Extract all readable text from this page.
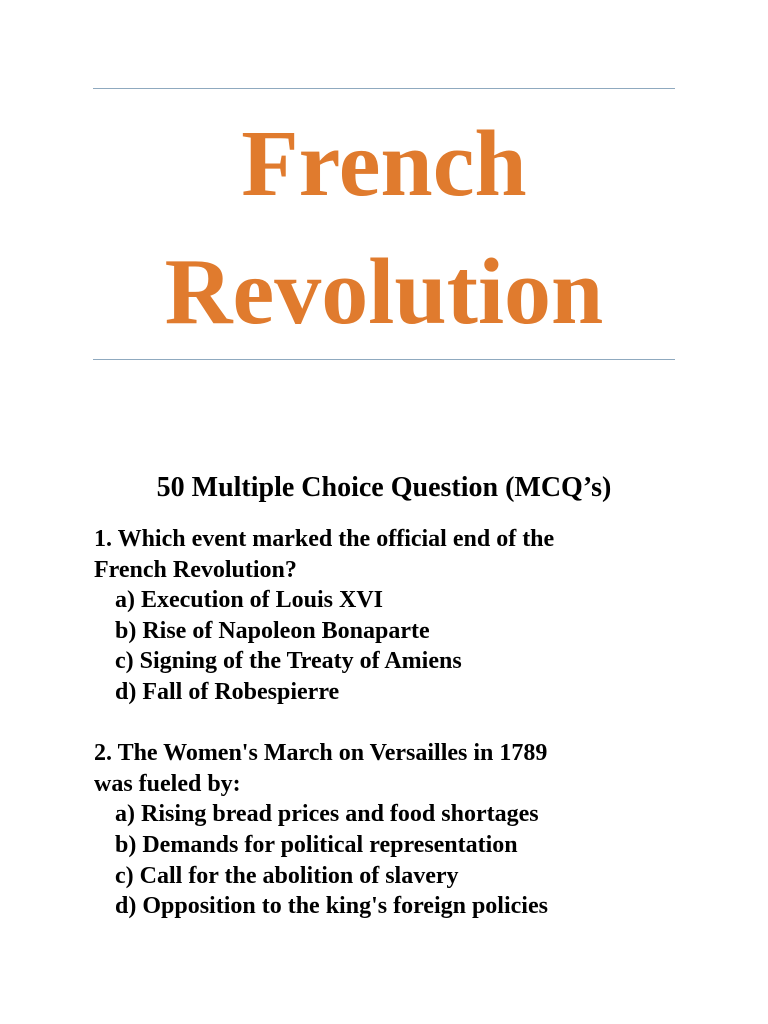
French
Revolution
50 Multiple Choice Question (MCQ’s)
1. Which event marked the official end of the
French Revolution?
a) Execution of Louis XVI
b) Rise of Napoleon Bonaparte
c) Signing of the Treaty of Amiens
d) Fall of Robespierre
2. The Women's March on Versailles in 1789
was fueled by:
a) Rising bread prices and food shortages
b) Demands for political representation
c) Call for the abolition of slavery
d) Opposition to the king's foreign policies
